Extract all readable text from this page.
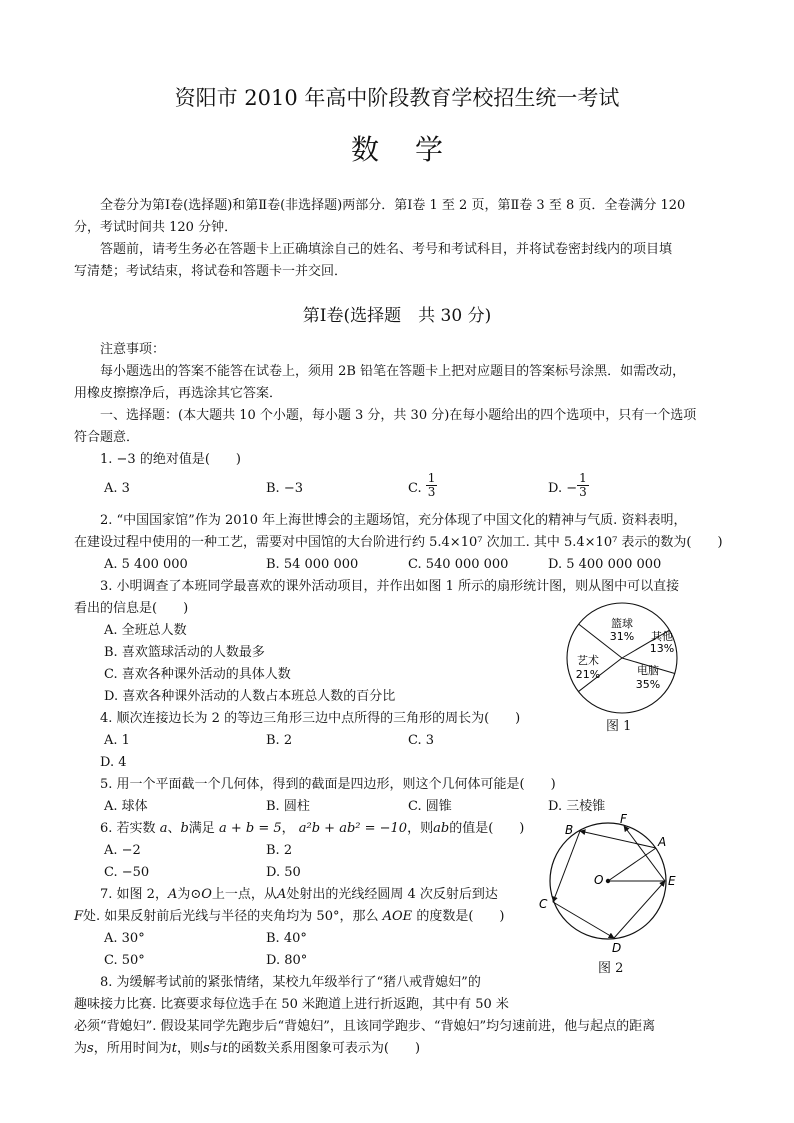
资阳市 2010 年高中阶段教育学校招生统一考试
数学
全卷分为第Ⅰ卷(选择题)和第Ⅱ卷(非选择题)两部分．第Ⅰ卷 1 至 2 页，第Ⅱ卷 3 至 8 页．全卷满分 120
分，考试时间共 120 分钟．
答题前，请考生务必在答题卡上正确填涂自己的姓名、考号和考试科目，并将试卷密封线内的项目填
写清楚；考试结束，将试卷和答题卡一并交回．
第Ⅰ卷(选择题　共 30 分)
注意事项：
每小题选出的答案不能答在试卷上，须用 2B 铅笔在答题卡上把对应题目的答案标号涂黑．如需改动，
用橡皮擦擦净后，再选涂其它答案．
一、选择题：(本大题共 10 个小题，每小题 3 分，共 30 分)在每小题给出的四个选项中，只有一个选项
符合题意．
1. −3 的绝对值是(　　)
A. 3	B. −3	C. $\frac{1}{3}$	D. − $\frac{1}{3}$
2. “中国国家馆”作为 2010 年上海世博会的主题场馆，充分体现了中国文化的精神与气质. 资料表明，
在建设过程中使用的一种工艺，需要对中国馆的大台阶进行约 5.4×10⁷ 次加工. 其中 5.4×10⁷ 表示的数为(　　)
A. 5 400 000	B. 54 000 000	C. 540 000 000	D. 5 400 000 000
3. 小明调查了本班同学最喜欢的课外活动项目，并作出如图 1 所示的扇形统计图，则从图中可以直接
看出的信息是(　　)
A. 全班总人数
B. 喜欢篮球活动的人数最多
C. 喜欢各种课外活动的具体人数
D. 喜欢各种课外活动的人数占本班总人数的百分比
4. 顺次连接边长为 2 的等边三角形三边中点所得的三角形的周长为(　　)
A. 1	B. 2	C. 3
D. 4
5. 用一个平面截一个几何体，得到的截面是四边形，则这个几何体可能是(　　)
A. 球体	B. 圆柱	C. 圆锥	D. 三棱锥
6. 若实数 a、b满足 a + b = 5， a²b + ab² = −10，则ab的值是(　　)
A. −2	B. 2
C. −50	D. 50
7. 如图 2，A为⊙O上一点，从A处射出的光线经圆周 4 次反射后到达
F处. 如果反射前后光线与半径的夹角均为 50°，那么 AOE 的度数是(　　)
A. 30°	B. 40°
C. 50°	D. 80°
8. 为缓解考试前的紧张情绪，某校九年级举行了“猪八戒背媳妇”的
趣味接力比赛. 比赛要求每位选手在 50 米跑道上进行折返跑，其中有 50 米
必须“背媳妇”. 假设某同学先跑步后“背媳妇”，且该同学跑步、“背媳妇”均匀速前进，他与起点的距离
为s，所用时间为t，则s与t的函数关系用图象可表示为(　　)
篮球
31% 其他
13%
电脑
35%
艺术
21%
图 1
B
F
A
O	E
C
D
图 2
